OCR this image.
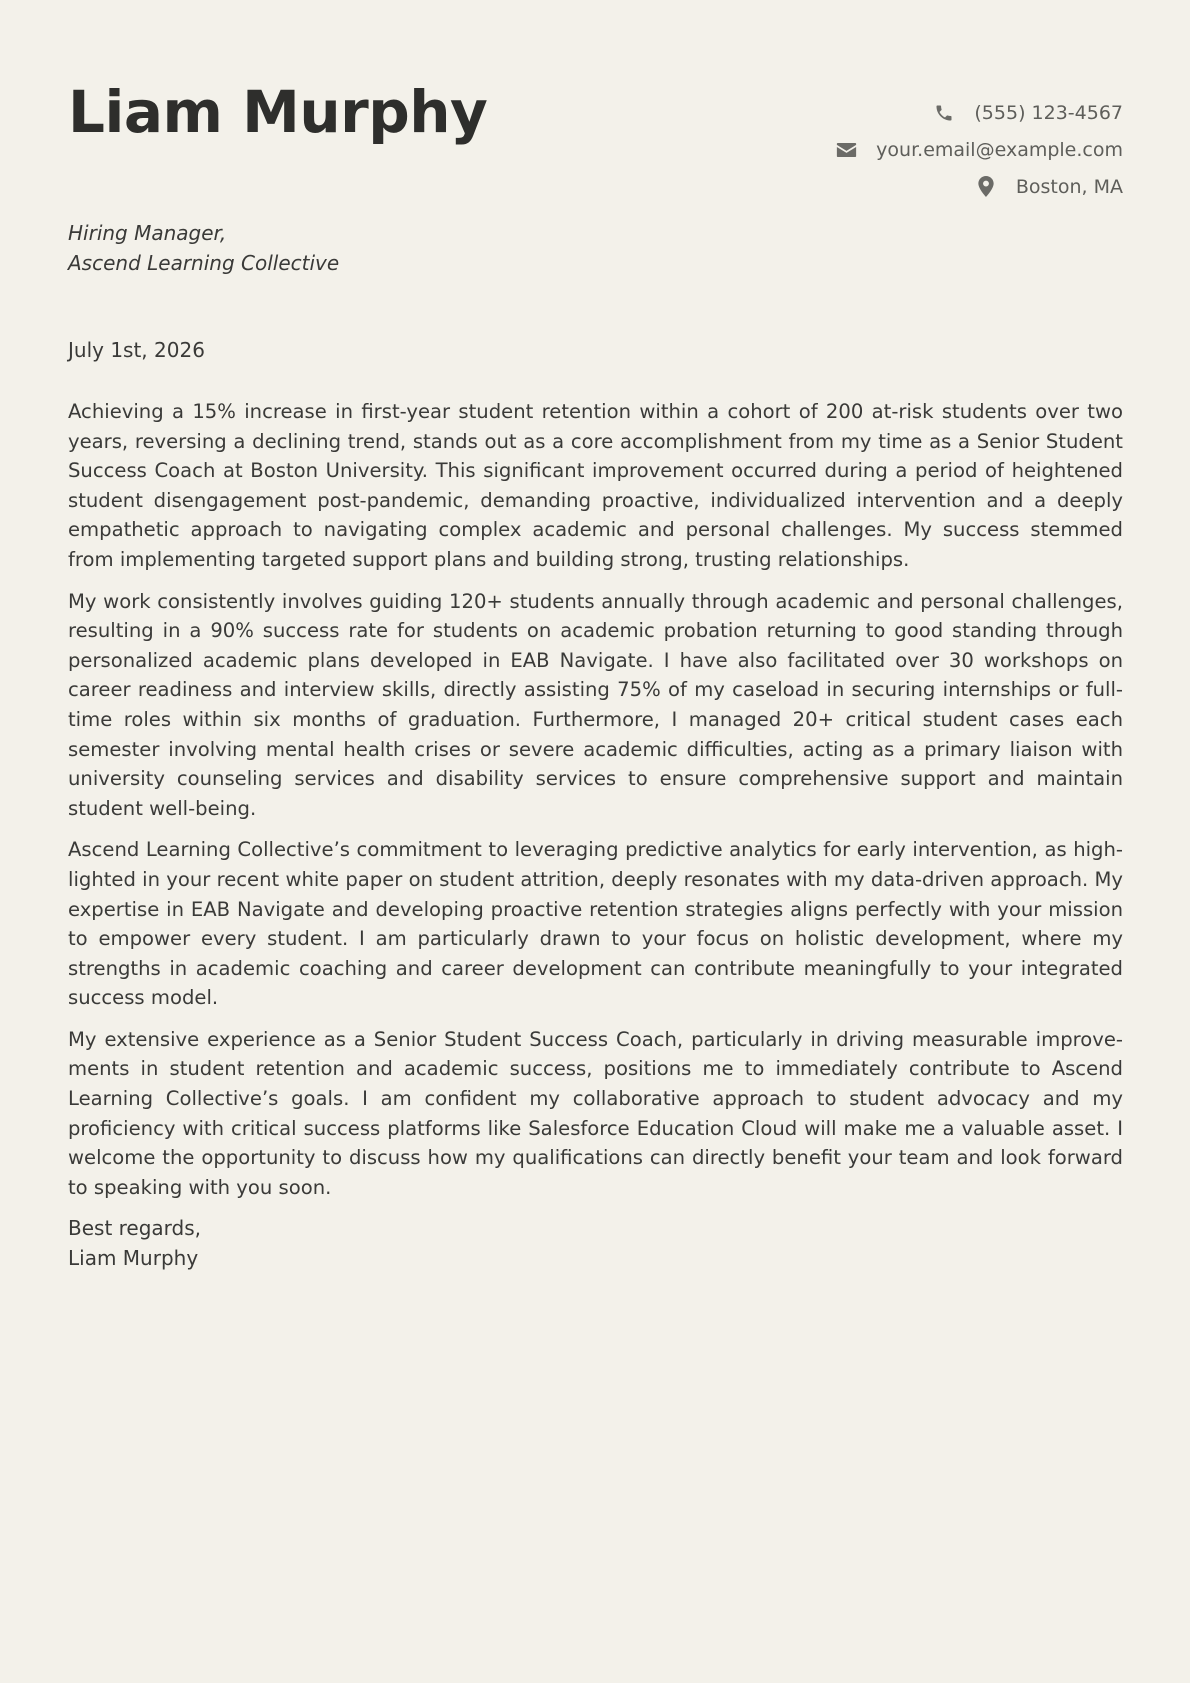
Liam Murphy	(555) 123-4567
your.email@example.com
Boston, MA
Hiring Manager,
Ascend Learning Collective
July 1st, 2026

Achieving a 15% increase in first-year student retention within a cohort of 200 at-risk students over two years, reversing a declining trend, stands out as a core accomplishment from my time as a Senior Student Success Coach at Boston University. This significant improvement occurred during a period of heightened student disengagement post-pandemic, demanding proactive, individualized intervention and a deeply empathetic approach to navigating complex academic and personal challenges. My success stemmed from implementing targeted support plans and building strong, trusting relationships.

My work consistently involves guiding 120+ students annually through academic and personal challenges, resulting in a 90% success rate for students on academic probation returning to good standing through personalized academic plans developed in EAB Navigate. I have also facilitated over 30 workshops on career readiness and interview skills, directly assisting 75% of my caseload in securing internships or full-time roles within six months of graduation. Furthermore, I managed 20+ critical student cases each semester involving mental health crises or severe academic difficulties, acting as a primary liaison with university counseling services and disability services to ensure comprehensive support and maintain student well-being.

Ascend Learning Collective’s commitment to leveraging predictive analytics for early intervention, as highlighted in your recent white paper on student attrition, deeply resonates with my data-driven approach. My expertise in EAB Navigate and developing proactive retention strategies aligns perfectly with your mission to empower every student. I am particularly drawn to your focus on holistic development, where my strengths in academic coaching and career development can contribute meaningfully to your integrated success model.

My extensive experience as a Senior Student Success Coach, particularly in driving measurable improvements in student retention and academic success, positions me to immediately contribute to Ascend Learning Collective’s goals. I am confident my collaborative approach to student advocacy and my proficiency with critical success platforms like Salesforce Education Cloud will make me a valuable asset. I welcome the opportunity to discuss how my qualifications can directly benefit your team and look forward to speaking with you soon.

Best regards,
Liam Murphy
